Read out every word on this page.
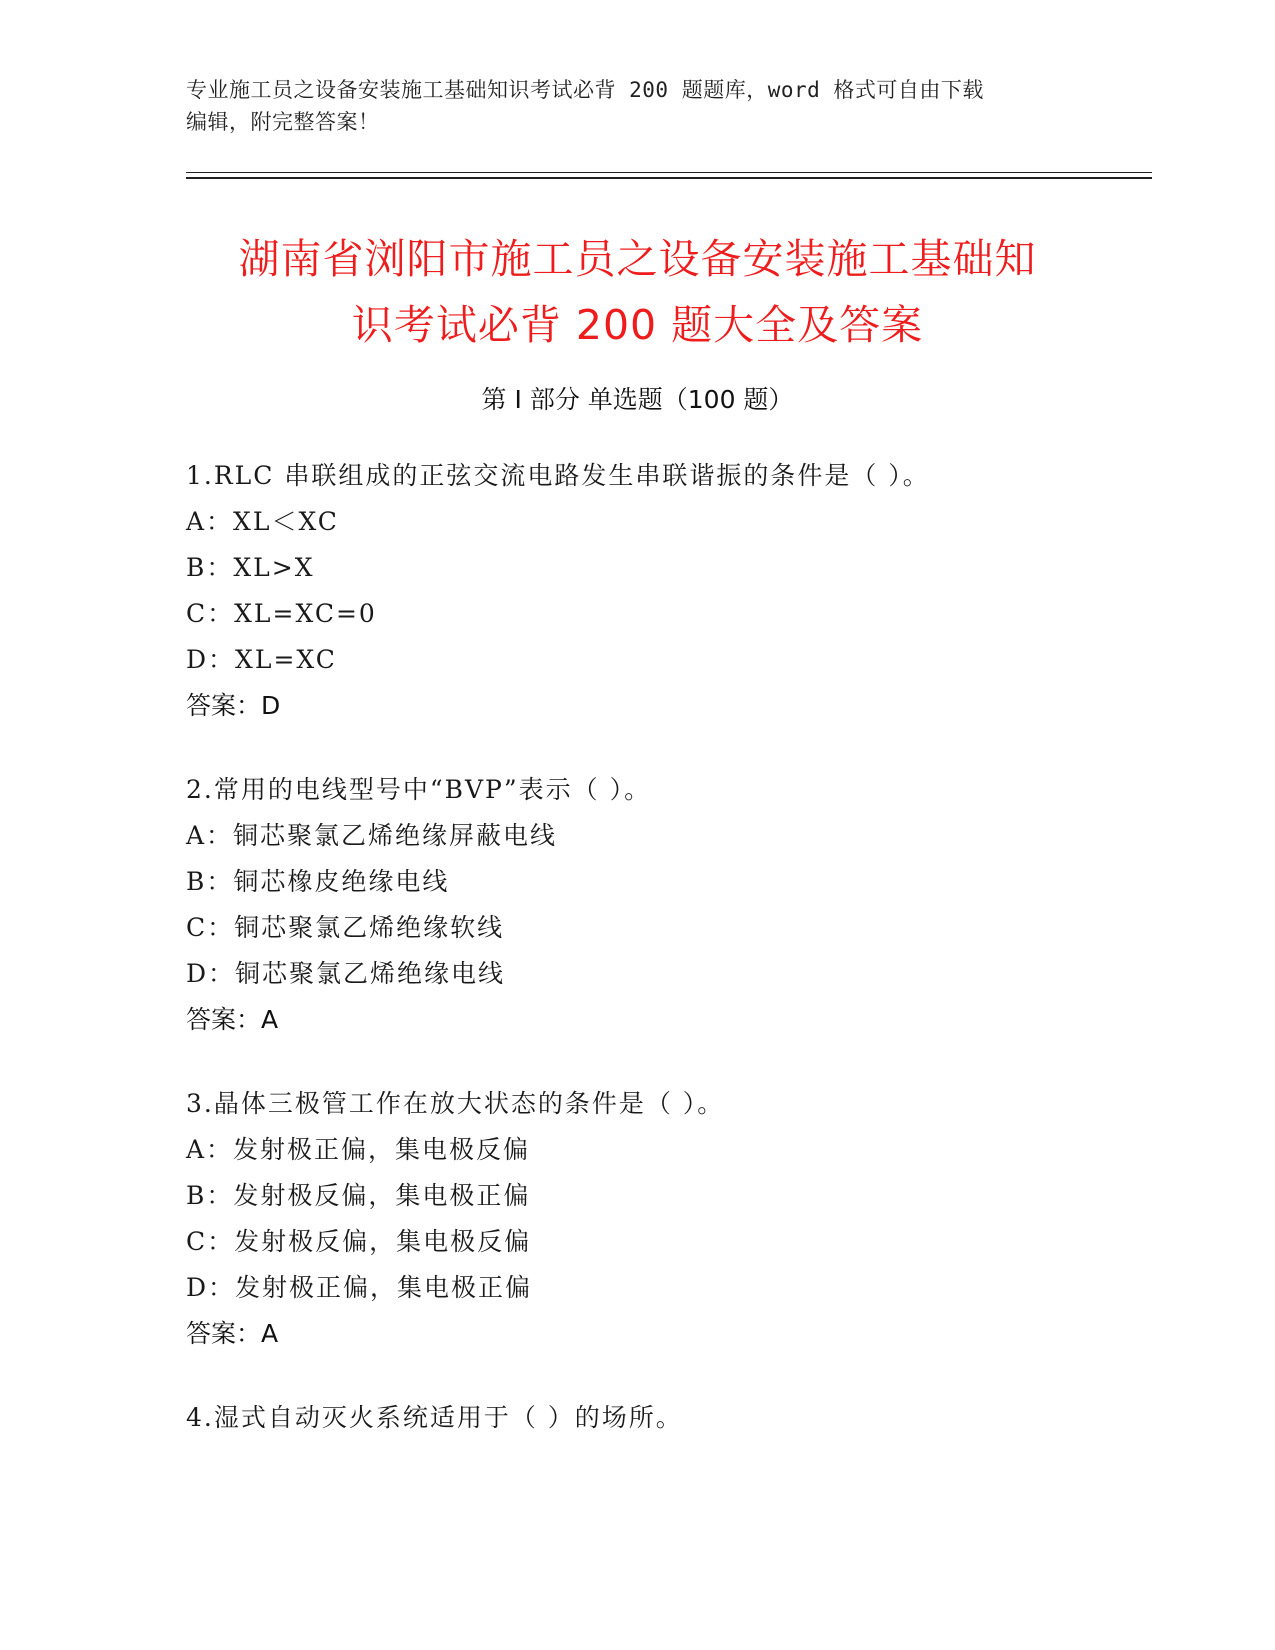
专业施工员之设备安装施工基础知识考试必背 200 题题库，word 格式可自由下载
编辑，附完整答案！
湖南省浏阳市施工员之设备安装施工基础知
识考试必背 200 题大全及答案
第 I 部分 单选题（100 题）
1.RLC 串联组成的正弦交流电路发生串联谐振的条件是（ ）。
A：XL＜XC
B：XL>X
C：XL=XC=0
D：XL=XC
答案：D
2.常用的电线型号中“BVP”表示（ ）。
A：铜芯聚氯乙烯绝缘屏蔽电线
B：铜芯橡皮绝缘电线
C：铜芯聚氯乙烯绝缘软线
D：铜芯聚氯乙烯绝缘电线
答案：A
3.晶体三极管工作在放大状态的条件是（ ）。
A：发射极正偏，集电极反偏
B：发射极反偏，集电极正偏
C：发射极反偏，集电极反偏
D：发射极正偏，集电极正偏
答案：A
4.湿式自动灭火系统适用于（ ）的场所。
